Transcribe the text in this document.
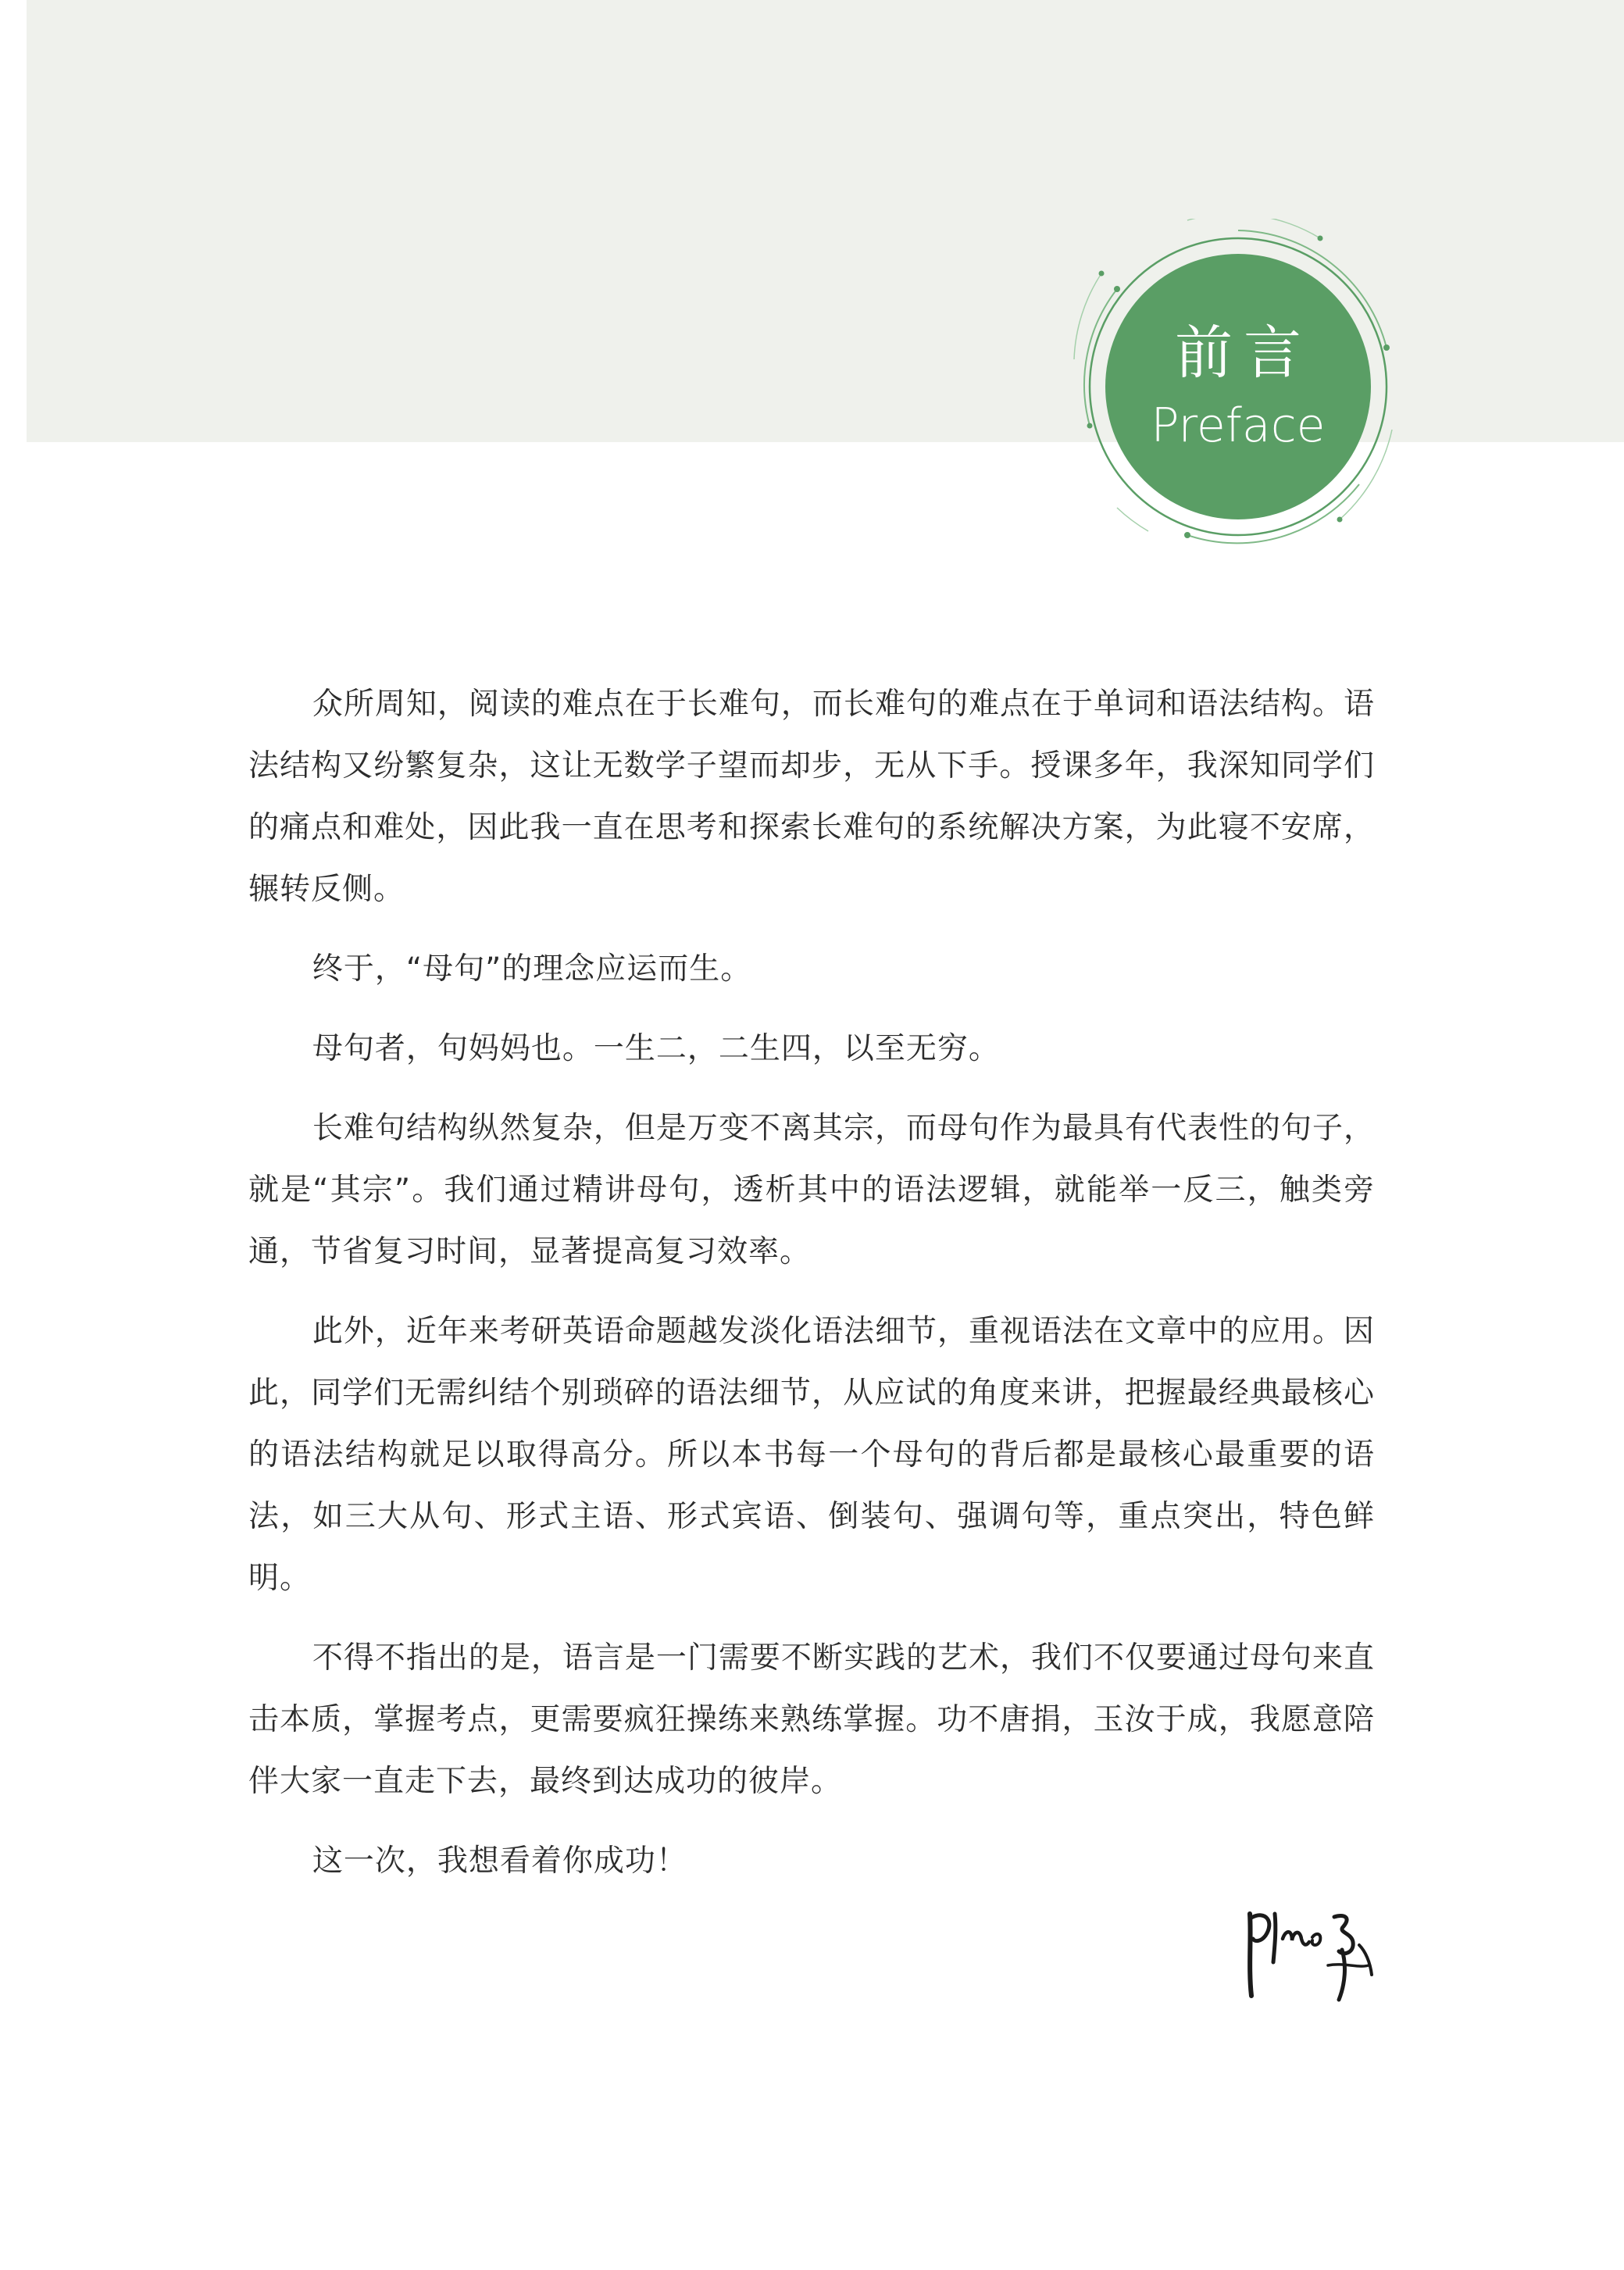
前言
Preface

众所周知，阅读的难点在于长难句，而长难句的难点在于单词和语法结构。语法结构又纷繁复杂，这让无数学子望而却步，无从下手。授课多年，我深知同学们的痛点和难处，因此我一直在思考和探索长难句的系统解决方案，为此寝不安席，辗转反侧。

终于，“母句”的理念应运而生。

母句者，句妈妈也。一生二，二生四，以至无穷。

长难句结构纵然复杂，但是万变不离其宗，而母句作为最具有代表性的句子，就是“其宗”。我们通过精讲母句，透析其中的语法逻辑，就能举一反三，触类旁通，节省复习时间，显著提高复习效率。

此外，近年来考研英语命题越发淡化语法细节，重视语法在文章中的应用。因此，同学们无需纠结个别琐碎的语法细节，从应试的角度来讲，把握最经典最核心的语法结构就足以取得高分。所以本书每一个母句的背后都是最核心最重要的语法，如三大从句、形式主语、形式宾语、倒装句、强调句等，重点突出，特色鲜明。

不得不指出的是，语言是一门需要不断实践的艺术，我们不仅要通过母句来直击本质，掌握考点，更需要疯狂操练来熟练掌握。功不唐捐，玉汝于成，我愿意陪伴大家一直走下去，最终到达成功的彼岸。

这一次，我想看着你成功！
